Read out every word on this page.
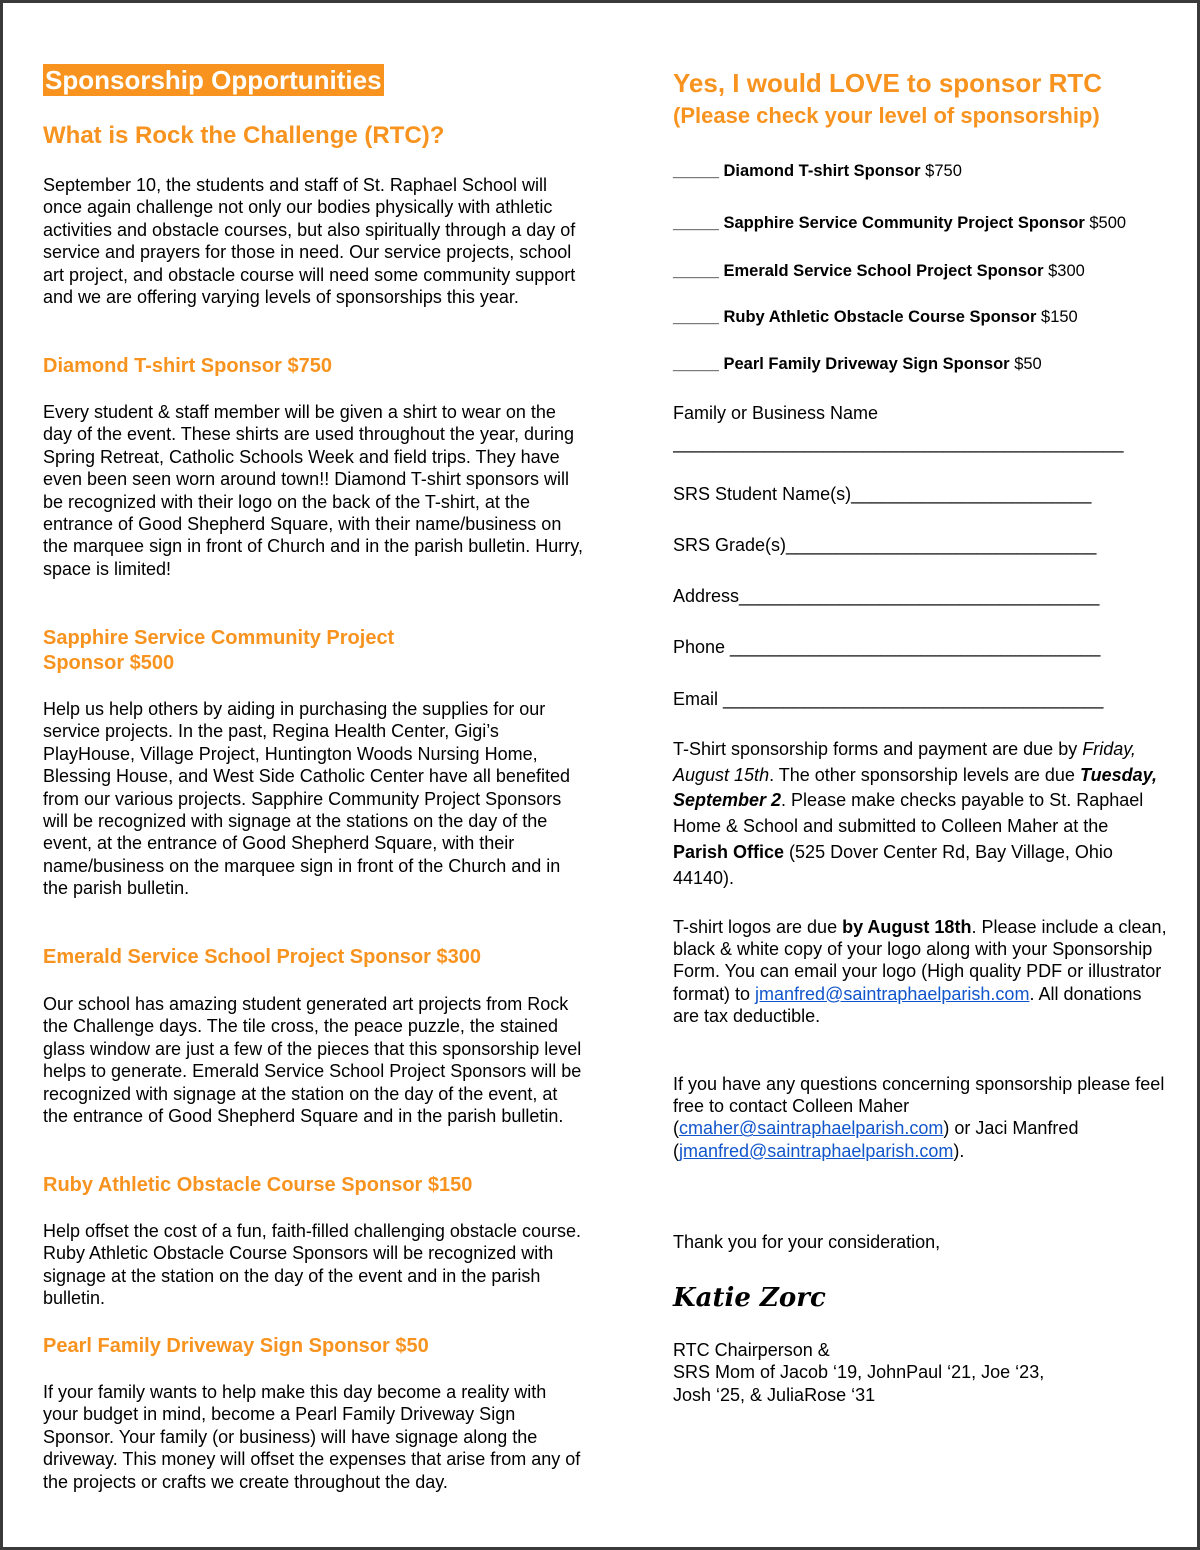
Sponsorship Opportunities
What is Rock the Challenge (RTC)?

September 10, the students and staff of St. Raphael School will once again challenge not only our bodies physically with athletic activities and obstacle courses, but also spiritually through a day of service and prayers for those in need. Our service projects, school art project, and obstacle course will need some community support and we are offering varying levels of sponsorships this year.

Diamond T-shirt Sponsor $750

Every student & staff member will be given a shirt to wear on the day of the event. These shirts are used throughout the year, during Spring Retreat, Catholic Schools Week and field trips. They have even been seen worn around town!! Diamond T-shirt sponsors will be recognized with their logo on the back of the T-shirt, at the entrance of Good Shepherd Square, with their name/business on the marquee sign in front of Church and in the parish bulletin. Hurry, space is limited!

Sapphire Service Community Project
Sponsor $500

Help us help others by aiding in purchasing the supplies for our service projects. In the past, Regina Health Center, Gigi’s PlayHouse, Village Project, Huntington Woods Nursing Home, Blessing House, and West Side Catholic Center have all benefited from our various projects. Sapphire Community Project Sponsors will be recognized with signage at the stations on the day of the event, at the entrance of Good Shepherd Square, with their name/business on the marquee sign in front of the Church and in the parish bulletin.

Emerald Service School Project Sponsor $300

Our school has amazing student generated art projects from Rock the Challenge days. The tile cross, the peace puzzle, the stained glass window are just a few of the pieces that this sponsorship level helps to generate. Emerald Service School Project Sponsors will be recognized with signage at the station on the day of the event, at the entrance of Good Shepherd Square and in the parish bulletin.

Ruby Athletic Obstacle Course Sponsor $150

Help offset the cost of a fun, faith-filled challenging obstacle course. Ruby Athletic Obstacle Course Sponsors will be recognized with signage at the station on the day of the event and in the parish bulletin.

Pearl Family Driveway Sign Sponsor $50

If your family wants to help make this day become a reality with your budget in mind, become a Pearl Family Driveway Sign Sponsor. Your family (or business) will have signage along the driveway. This money will offset the expenses that arise from any of the projects or crafts we create throughout the day.

Yes, I would LOVE to sponsor RTC
(Please check your level of sponsorship)
_____ Diamond T-shirt Sponsor $750
_____ Sapphire Service Community Project Sponsor $500
_____ Emerald Service School Project Sponsor $300
_____ Ruby Athletic Obstacle Course Sponsor $150
_____ Pearl Family Driveway Sign Sponsor $50
Family or Business Name
_____________________________________________
SRS Student Name(s)________________________
SRS Grade(s)_______________________________
Address____________________________________
Phone _____________________________________
Email ______________________________________

T-Shirt sponsorship forms and payment are due by Friday, August 15th. The other sponsorship levels are due Tuesday, September 2. Please make checks payable to St. Raphael Home & School and submitted to Colleen Maher at the Parish Office (525 Dover Center Rd, Bay Village, Ohio 44140).

T-shirt logos are due by August 18th. Please include a clean, black & white copy of your logo along with your Sponsorship Form. You can email your logo (High quality PDF or illustrator format) to jmanfred@saintraphaelparish.com. All donations are tax deductible.

If you have any questions concerning sponsorship please feel free to contact Colleen Maher (cmaher@saintraphaelparish.com) or Jaci Manfred (jmanfred@saintraphaelparish.com).

Thank you for your consideration,
Katie Zorc
RTC Chairperson &
SRS Mom of Jacob ‘19, JohnPaul ‘21, Joe ‘23,
Josh ‘25, & JuliaRose ‘31
